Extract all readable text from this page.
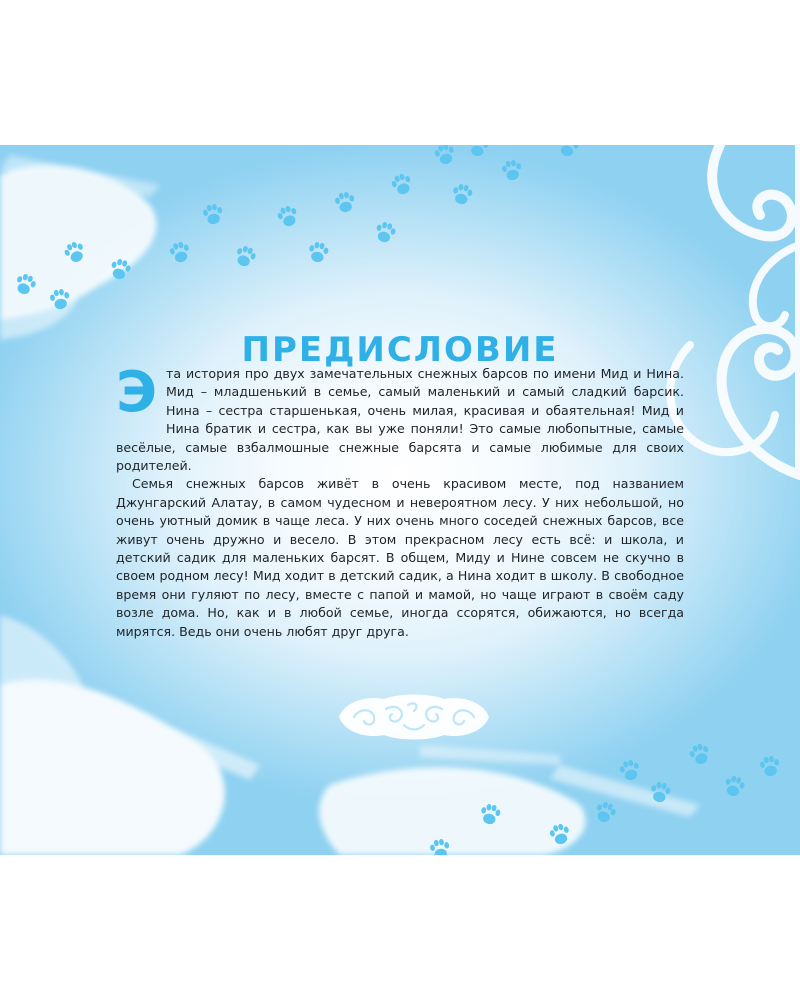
ПРЕДИСЛОВИЕ
Э та история про двух замечательных снежных барсов по имени Мид и Нина. Мид – младшенький в семье, самый маленький и самый сладкий барсик. Нина – сестра старшенькая, очень милая, красивая и обаятельная! Мид и Нина братик и сестра, как вы уже поняли! Это самые любопытные, самые весёлые, самые взбалмошные снежные барсята и самые любимые для своих родителей.

Семья снежных барсов живёт в очень красивом месте, под названием Джунгарский Алатау, в самом чудесном и невероятном лесу. У них небольшой, но очень уютный домик в чаще леса. У них очень много соседей снежных барсов, все живут очень дружно и весело. В этом прекрасном лесу есть всё: и школа, и детский садик для маленьких барсят. В общем, Миду и Нине совсем не скучно в своем родном лесу! Мид ходит в детский садик, а Нина ходит в школу. В свободное время они гуляют по лесу, вместе с папой и мамой, но чаще играют в своём саду возле дома. Но, как и в любой семье, иногда ссорятся, обижаются, но всегда мирятся. Ведь они очень любят друг друга.
